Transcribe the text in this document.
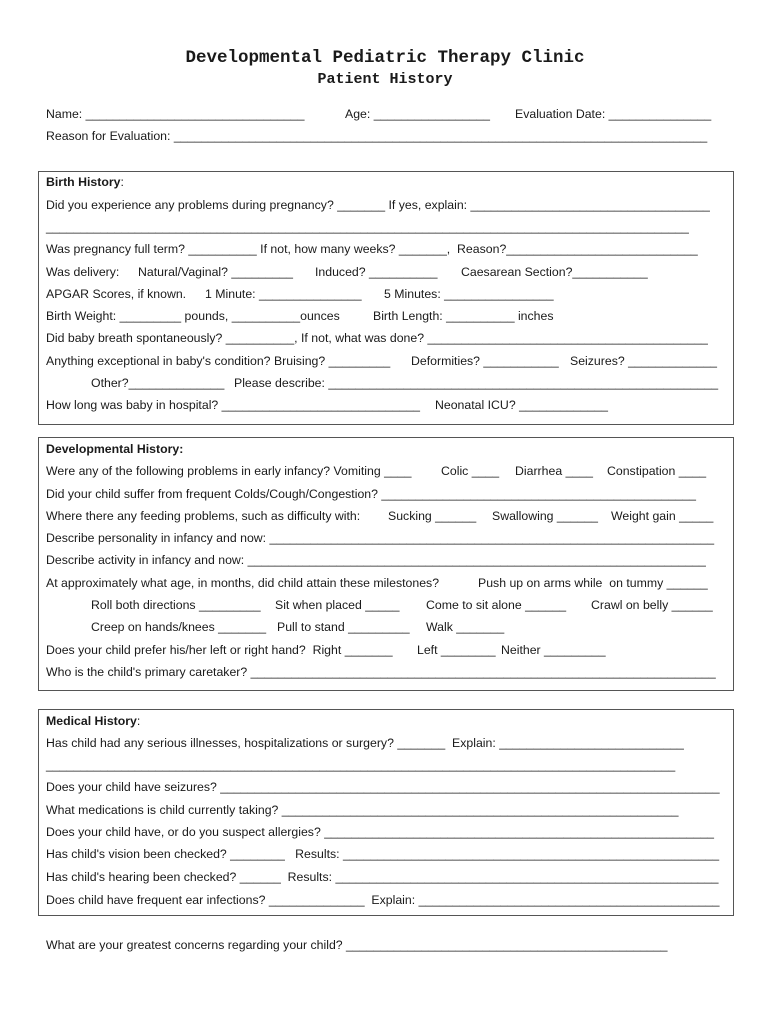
Developmental Pediatric Therapy Clinic
Patient History
Name: ________________________________	Age: _________________ Evaluation Date: _______________
Reason for Evaluation: ______________________________________________________________________________
Birth History:
Did you experience any problems during pregnancy? _______ If yes, explain: ___________________________________
______________________________________________________________________________________________
Was pregnancy full term? __________ If not, how many weeks? _______,  Reason?____________________________
Was delivery: Natural/Vaginal? _________ Induced? __________ Caesarean Section?___________
APGAR Scores, if known. 1 Minute: _______________ 5 Minutes: ________________
Birth Weight: _________ pounds, __________ounces	Birth Length: __________ inches
Did baby breath spontaneously? __________, If not, what was done? _________________________________________
Anything exceptional in baby's condition? Bruising? _________ Deformities? ___________ Seizures? _____________
Other?______________ Please describe: _________________________________________________________
How long was baby in hospital? _____________________________ Neonatal ICU? _____________
Developmental History:
Were any of the following problems in early infancy? Vomiting ____ Colic ____ Diarrhea ____ Constipation ____
Did your child suffer from frequent Colds/Cough/Congestion? ______________________________________________
Where there any feeding problems, such as difficulty with: Sucking ______ Swallowing ______ Weight gain _____
Describe personality in infancy and now: _________________________________________________________________
Describe activity in infancy and now: ___________________________________________________________________
At approximately what age, in months, did child attain these milestones?	Push up on arms while  on tummy ______
Roll both directions _________ Sit when placed _____ Come to sit alone ______ Crawl on belly ______
Creep on hands/knees _______ Pull to stand _________ Walk _______
Does your child prefer his/her left or right hand?  Right _______ Left ________ Neither _________
Who is the child's primary caretaker? ____________________________________________________________________
Medical History:
Has child had any serious illnesses, hospitalizations or surgery? _______  Explain: ___________________________
____________________________________________________________________________________________
Does your child have seizures? _________________________________________________________________________
What medications is child currently taking? __________________________________________________________
Does your child have, or do you suspect allergies? _________________________________________________________
Has child's vision been checked? ________   Results: _______________________________________________________
Has child's hearing been checked? ______  Results: ________________________________________________________
Does child have frequent ear infections? ______________  Explain: ____________________________________________
What are your greatest concerns regarding your child? _______________________________________________
